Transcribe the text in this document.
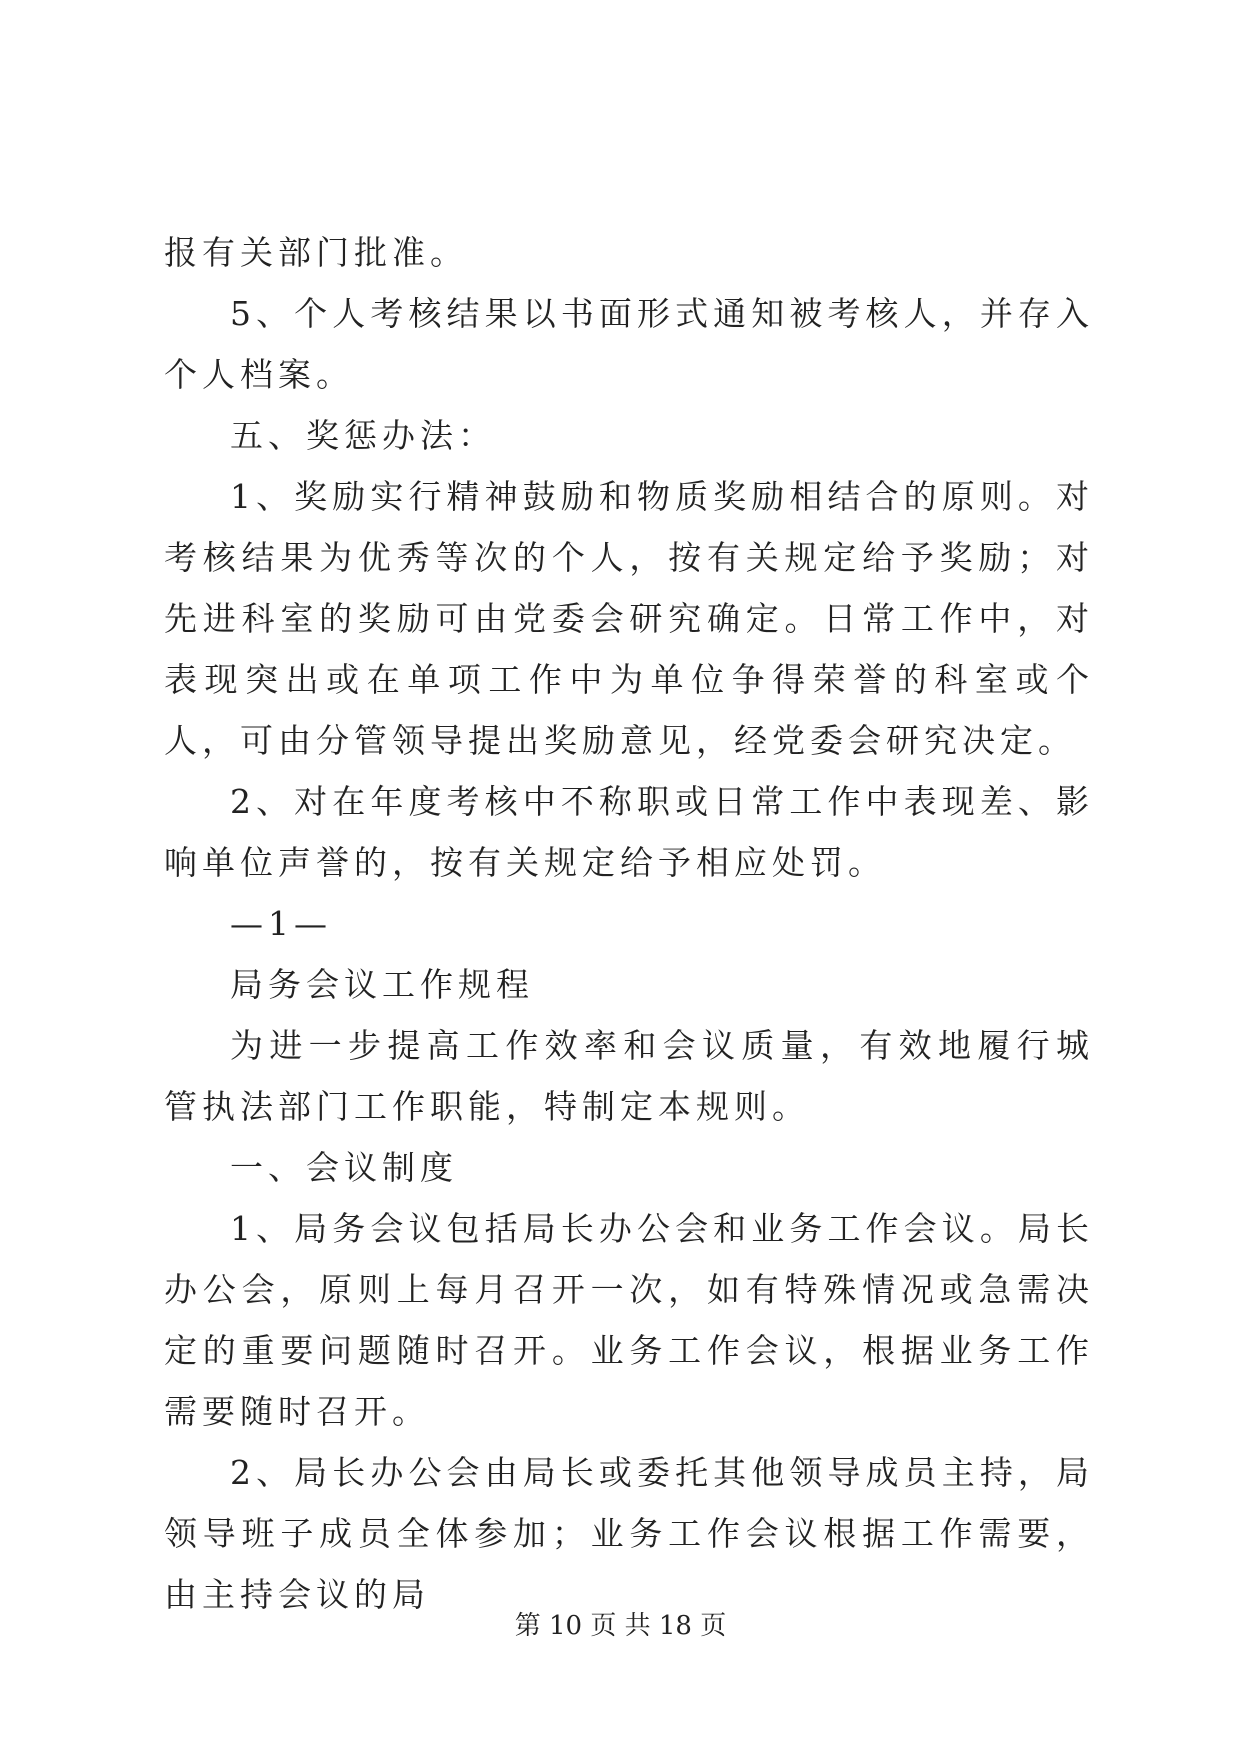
报有关部门批准。

5、个人考核结果以书面形式通知被考核人，并存入个人档案。

五、奖惩办法：

1、奖励实行精神鼓励和物质奖励相结合的原则。对考核结果为优秀等次的个人，按有关规定给予奖励；对先进科室的奖励可由党委会研究确定。日常工作中，对表现突出或在单项工作中为单位争得荣誉的科室或个人，可由分管领导提出奖励意见，经党委会研究决定。

2、对在年度考核中不称职或日常工作中表现差、影响单位声誉的，按有关规定给予相应处罚。

—1—

局务会议工作规程

为进一步提高工作效率和会议质量，有效地履行城管执法部门工作职能，特制定本规则。

一、会议制度

1、局务会议包括局长办公会和业务工作会议。局长办公会，原则上每月召开一次，如有特殊情况或急需决定的重要问题随时召开。业务工作会议，根据业务工作需要随时召开。

2、局长办公会由局长或委托其他领导成员主持，局领导班子成员全体参加；业务工作会议根据工作需要，由主持会议的局

第 10 页 共 18 页
